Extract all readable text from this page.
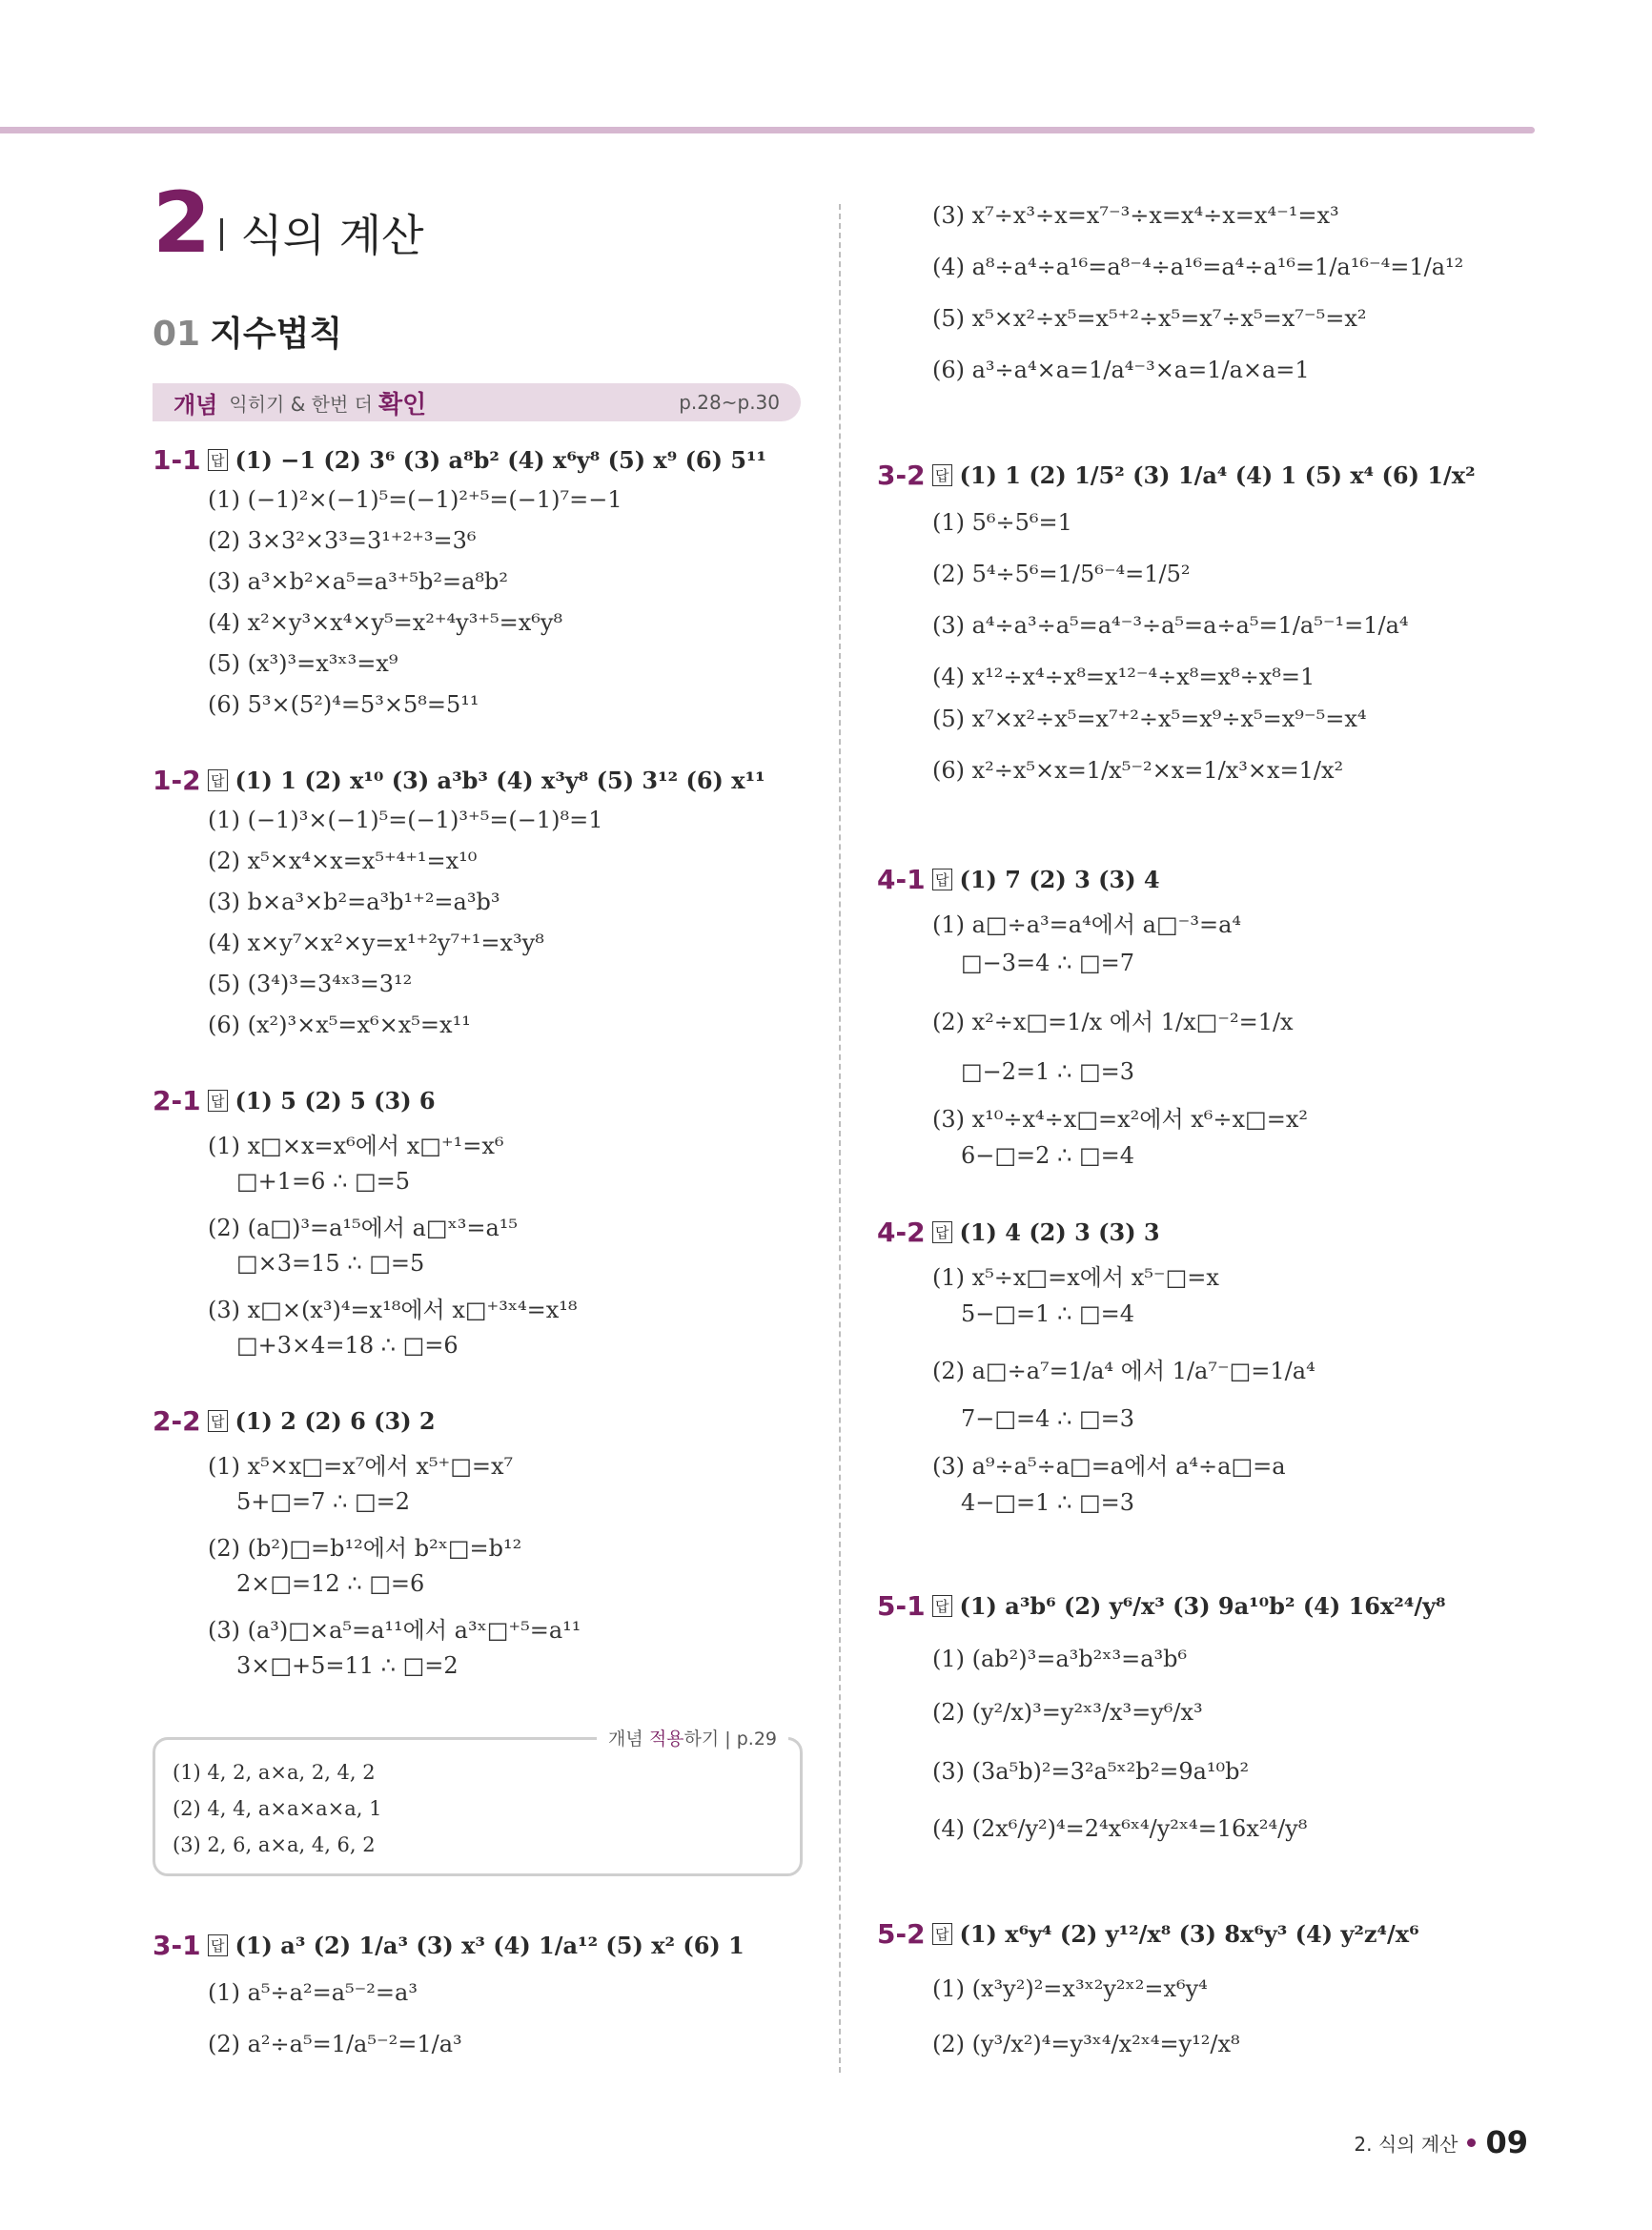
2 식의 계산
01 지수법칙
개념 익히기 & 한번 더 확인	p.28~p.30
1-1 답 (1) −1 (2) 3⁶ (3) a⁸b² (4) x⁶y⁸ (5) x⁹ (6) 5¹¹
(1) (−1)²×(−1)⁵=(−1)²⁺⁵=(−1)⁷=−1
(2) 3×3²×3³=3¹⁺²⁺³=3⁶
(3) a³×b²×a⁵=a³⁺⁵b²=a⁸b²
(4) x²×y³×x⁴×y⁵=x²⁺⁴y³⁺⁵=x⁶y⁸
(5) (x³)³=x³ˣ³=x⁹
(6) 5³×(5²)⁴=5³×5⁸=5¹¹
1-2 답 (1) 1 (2) x¹⁰ (3) a³b³ (4) x³y⁸ (5) 3¹² (6) x¹¹
(1) (−1)³×(−1)⁵=(−1)³⁺⁵=(−1)⁸=1
(2) x⁵×x⁴×x=x⁵⁺⁴⁺¹=x¹⁰
(3) b×a³×b²=a³b¹⁺²=a³b³
(4) x×y⁷×x²×y=x¹⁺²y⁷⁺¹=x³y⁸
(5) (3⁴)³=3⁴ˣ³=3¹²
(6) (x²)³×x⁵=x⁶×x⁵=x¹¹
2-1 답 (1) 5 (2) 5 (3) 6
(1) x□×x=x⁶에서 x□⁺¹=x⁶
□+1=6 ∴ □=5
(2) (a□)³=a¹⁵에서 a□ˣ³=a¹⁵
□×3=15 ∴ □=5
(3) x□×(x³)⁴=x¹⁸에서 x□⁺³ˣ⁴=x¹⁸
□+3×4=18 ∴ □=6
2-2 답 (1) 2 (2) 6 (3) 2
(1) x⁵×x□=x⁷에서 x⁵⁺□=x⁷
5+□=7 ∴ □=2
(2) (b²)□=b¹²에서 b²ˣ□=b¹²
2×□=12 ∴ □=6
(3) (a³)□×a⁵=a¹¹에서 a³ˣ□⁺⁵=a¹¹
3×□+5=11 ∴ □=2
개념 적용하기 | p.29
(1) 4, 2, a×a, 2, 4, 2
(2) 4, 4, a×a×a×a, 1
(3) 2, 6, a×a, 4, 6, 2
3-1 답 (1) a³ (2) 1/a³ (3) x³ (4) 1/a¹² (5) x² (6) 1
(1) a⁵÷a²=a⁵⁻²=a³
(2) a²÷a⁵=1/a⁵⁻²=1/a³
(3) x⁷÷x³÷x=x⁷⁻³÷x=x⁴÷x=x⁴⁻¹=x³
(4) a⁸÷a⁴÷a¹⁶=a⁸⁻⁴÷a¹⁶=a⁴÷a¹⁶=1/a¹⁶⁻⁴=1/a¹²
(5) x⁵×x²÷x⁵=x⁵⁺²÷x⁵=x⁷÷x⁵=x⁷⁻⁵=x²
(6) a³÷a⁴×a=1/a⁴⁻³×a=1/a×a=1
3-2 답 (1) 1 (2) 1/5² (3) 1/a⁴ (4) 1 (5) x⁴ (6) 1/x²
(1) 5⁶÷5⁶=1
(2) 5⁴÷5⁶=1/5⁶⁻⁴=1/5²
(3) a⁴÷a³÷a⁵=a⁴⁻³÷a⁵=a÷a⁵=1/a⁵⁻¹=1/a⁴
(4) x¹²÷x⁴÷x⁸=x¹²⁻⁴÷x⁸=x⁸÷x⁸=1
(5) x⁷×x²÷x⁵=x⁷⁺²÷x⁵=x⁹÷x⁵=x⁹⁻⁵=x⁴
(6) x²÷x⁵×x=1/x⁵⁻²×x=1/x³×x=1/x²
4-1 답 (1) 7 (2) 3 (3) 4
(1) a□÷a³=a⁴에서 a□⁻³=a⁴
□−3=4 ∴ □=7
(2) x²÷x□=1/x 에서 1/x□⁻²=1/x
□−2=1 ∴ □=3
(3) x¹⁰÷x⁴÷x□=x²에서 x⁶÷x□=x²
6−□=2 ∴ □=4
4-2 답 (1) 4 (2) 3 (3) 3
(1) x⁵÷x□=x에서 x⁵⁻□=x
5−□=1 ∴ □=4
(2) a□÷a⁷=1/a⁴ 에서 1/a⁷⁻□=1/a⁴
7−□=4 ∴ □=3
(3) a⁹÷a⁵÷a□=a에서 a⁴÷a□=a
4−□=1 ∴ □=3
5-1 답 (1) a³b⁶ (2) y⁶/x³ (3) 9a¹⁰b² (4) 16x²⁴/y⁸
(1) (ab²)³=a³b²ˣ³=a³b⁶
(2) (y²/x)³=y²ˣ³/x³=y⁶/x³
(3) (3a⁵b)²=3²a⁵ˣ²b²=9a¹⁰b²
(4) (2x⁶/y²)⁴=2⁴x⁶ˣ⁴/y²ˣ⁴=16x²⁴/y⁸
5-2 답 (1) x⁶y⁴ (2) y¹²/x⁸ (3) 8x⁶y³ (4) y²z⁴/x⁶
(1) (x³y²)²=x³ˣ²y²ˣ²=x⁶y⁴
(2) (y³/x²)⁴=y³ˣ⁴/x²ˣ⁴=y¹²/x⁸
2. 식의 계산 09
